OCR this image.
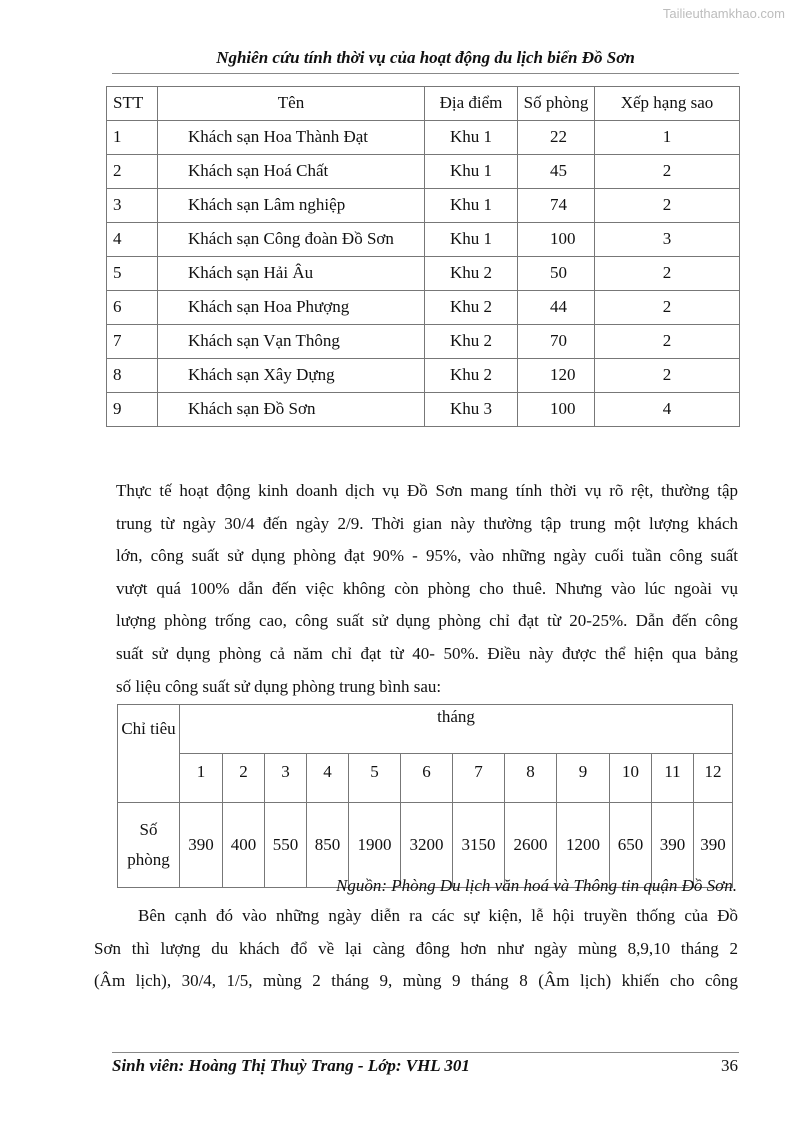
Tailieuthamkhao.com
Nghiên cứu tính thời vụ của hoạt động du lịch biển Đồ Sơn
STT	Tên	Địa điểm	Số phòng	Xếp hạng sao
1	Khách sạn Hoa Thành Đạt	Khu 1	22	1
2	Khách sạn Hoá Chất	Khu 1	45	2
3	Khách sạn Lâm nghiệp	Khu 1	74	2
4	Khách sạn Công đoàn Đồ Sơn	Khu 1	100	3
5	Khách sạn Hải Âu	Khu 2	50	2
6	Khách sạn Hoa Phượng	Khu 2	44	2
7	Khách sạn Vạn Thông	Khu 2	70	2
8	Khách sạn Xây Dựng	Khu 2	120	2
9	Khách sạn Đồ Sơn	Khu 3	100	4
Thực tế hoạt động kinh doanh dịch vụ Đồ Sơn mang tính thời vụ rõ rệt, thường tập
trung từ ngày 30/4 đến ngày 2/9. Thời gian này thường tập trung một lượng khách
lớn, công suất sử dụng phòng đạt 90% - 95%, vào những ngày cuối tuần công suất
vượt quá 100% dẫn đến việc không còn phòng cho thuê. Nhưng vào lúc ngoài vụ
lượng phòng trống cao, công suất sử dụng phòng chỉ đạt từ 20-25%. Dẫn đến công
suất sử dụng phòng cả năm chỉ đạt từ 40- 50%. Điều này được thể hiện qua bảng
số liệu công suất sử dụng phòng trung bình sau:
Chỉ tiêu	tháng											
	1	2	3	4	5	6	7	8	9	10	11	12
Số phòng	390	400	550	850	1900	3200	3150	2600	1200	650	390	390
Nguồn: Phòng Du lịch văn hoá và Thông tin quận Đồ Sơn.
Bên cạnh đó vào những ngày diễn ra các sự kiện, lễ hội truyền thống của Đồ
Sơn thì lượng du khách đổ về lại càng đông hơn như ngày mùng 8,9,10 tháng 2
(Âm lịch), 30/4, 1/5, mùng 2 tháng 9, mùng 9 tháng 8 (Âm lịch) khiến cho công
Sinh viên: Hoàng Thị Thuỳ Trang - Lớp: VHL 301	36
